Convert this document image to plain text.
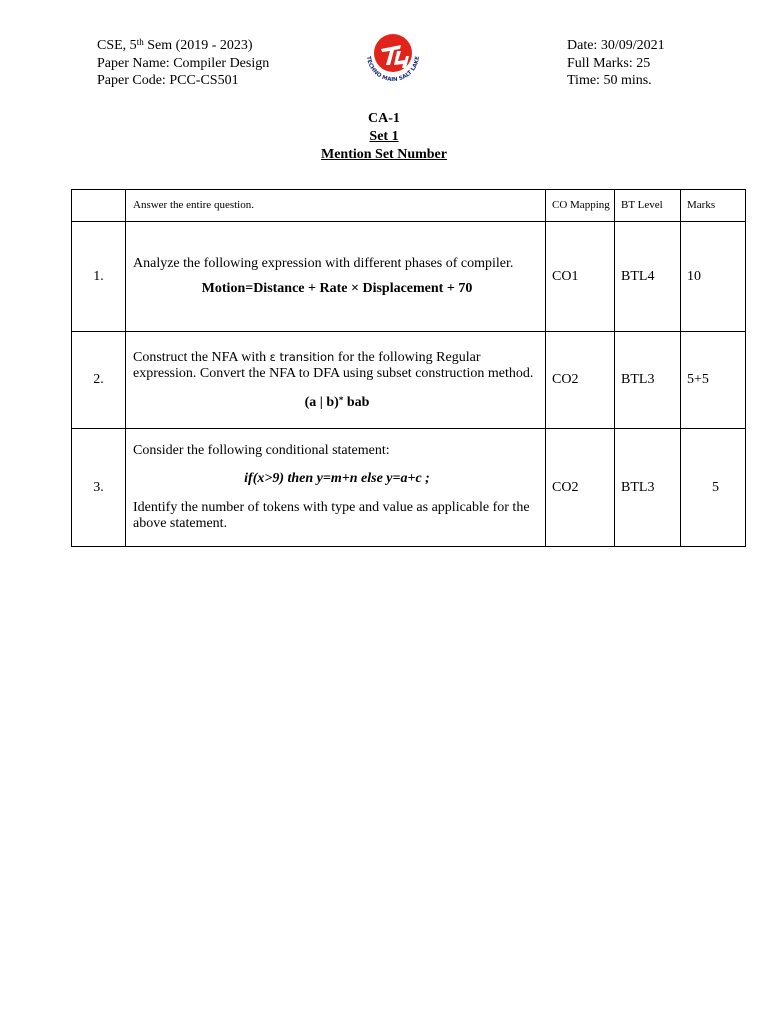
CSE, 5th Sem (2019 - 2023)
Paper Name: Compiler Design
Paper Code: PCC-CS501
TECHNO MAIN SALT LAKE
Date: 30/09/2021
Full Marks: 25
Time: 50 mins.
CA-1
Set 1
Mention Set Number
	Answer the entire question.	CO Mapping	BT Level	Marks
1.	Analyze the following expression with different phases of compiler.
Motion=Distance + Rate × Displacement + 70	CO1	BTL4	10
2.	Construct the NFA with ε transition for the following Regular expression. Convert the NFA to DFA using subset construction method.
(a | b)* bab	CO2	BTL3	5+5
3.	Consider the following conditional statement:
if(x>9) then y=m+n else y=a+c ;
Identify the number of tokens with type and value as applicable for the above statement.	CO2	BTL3	5
